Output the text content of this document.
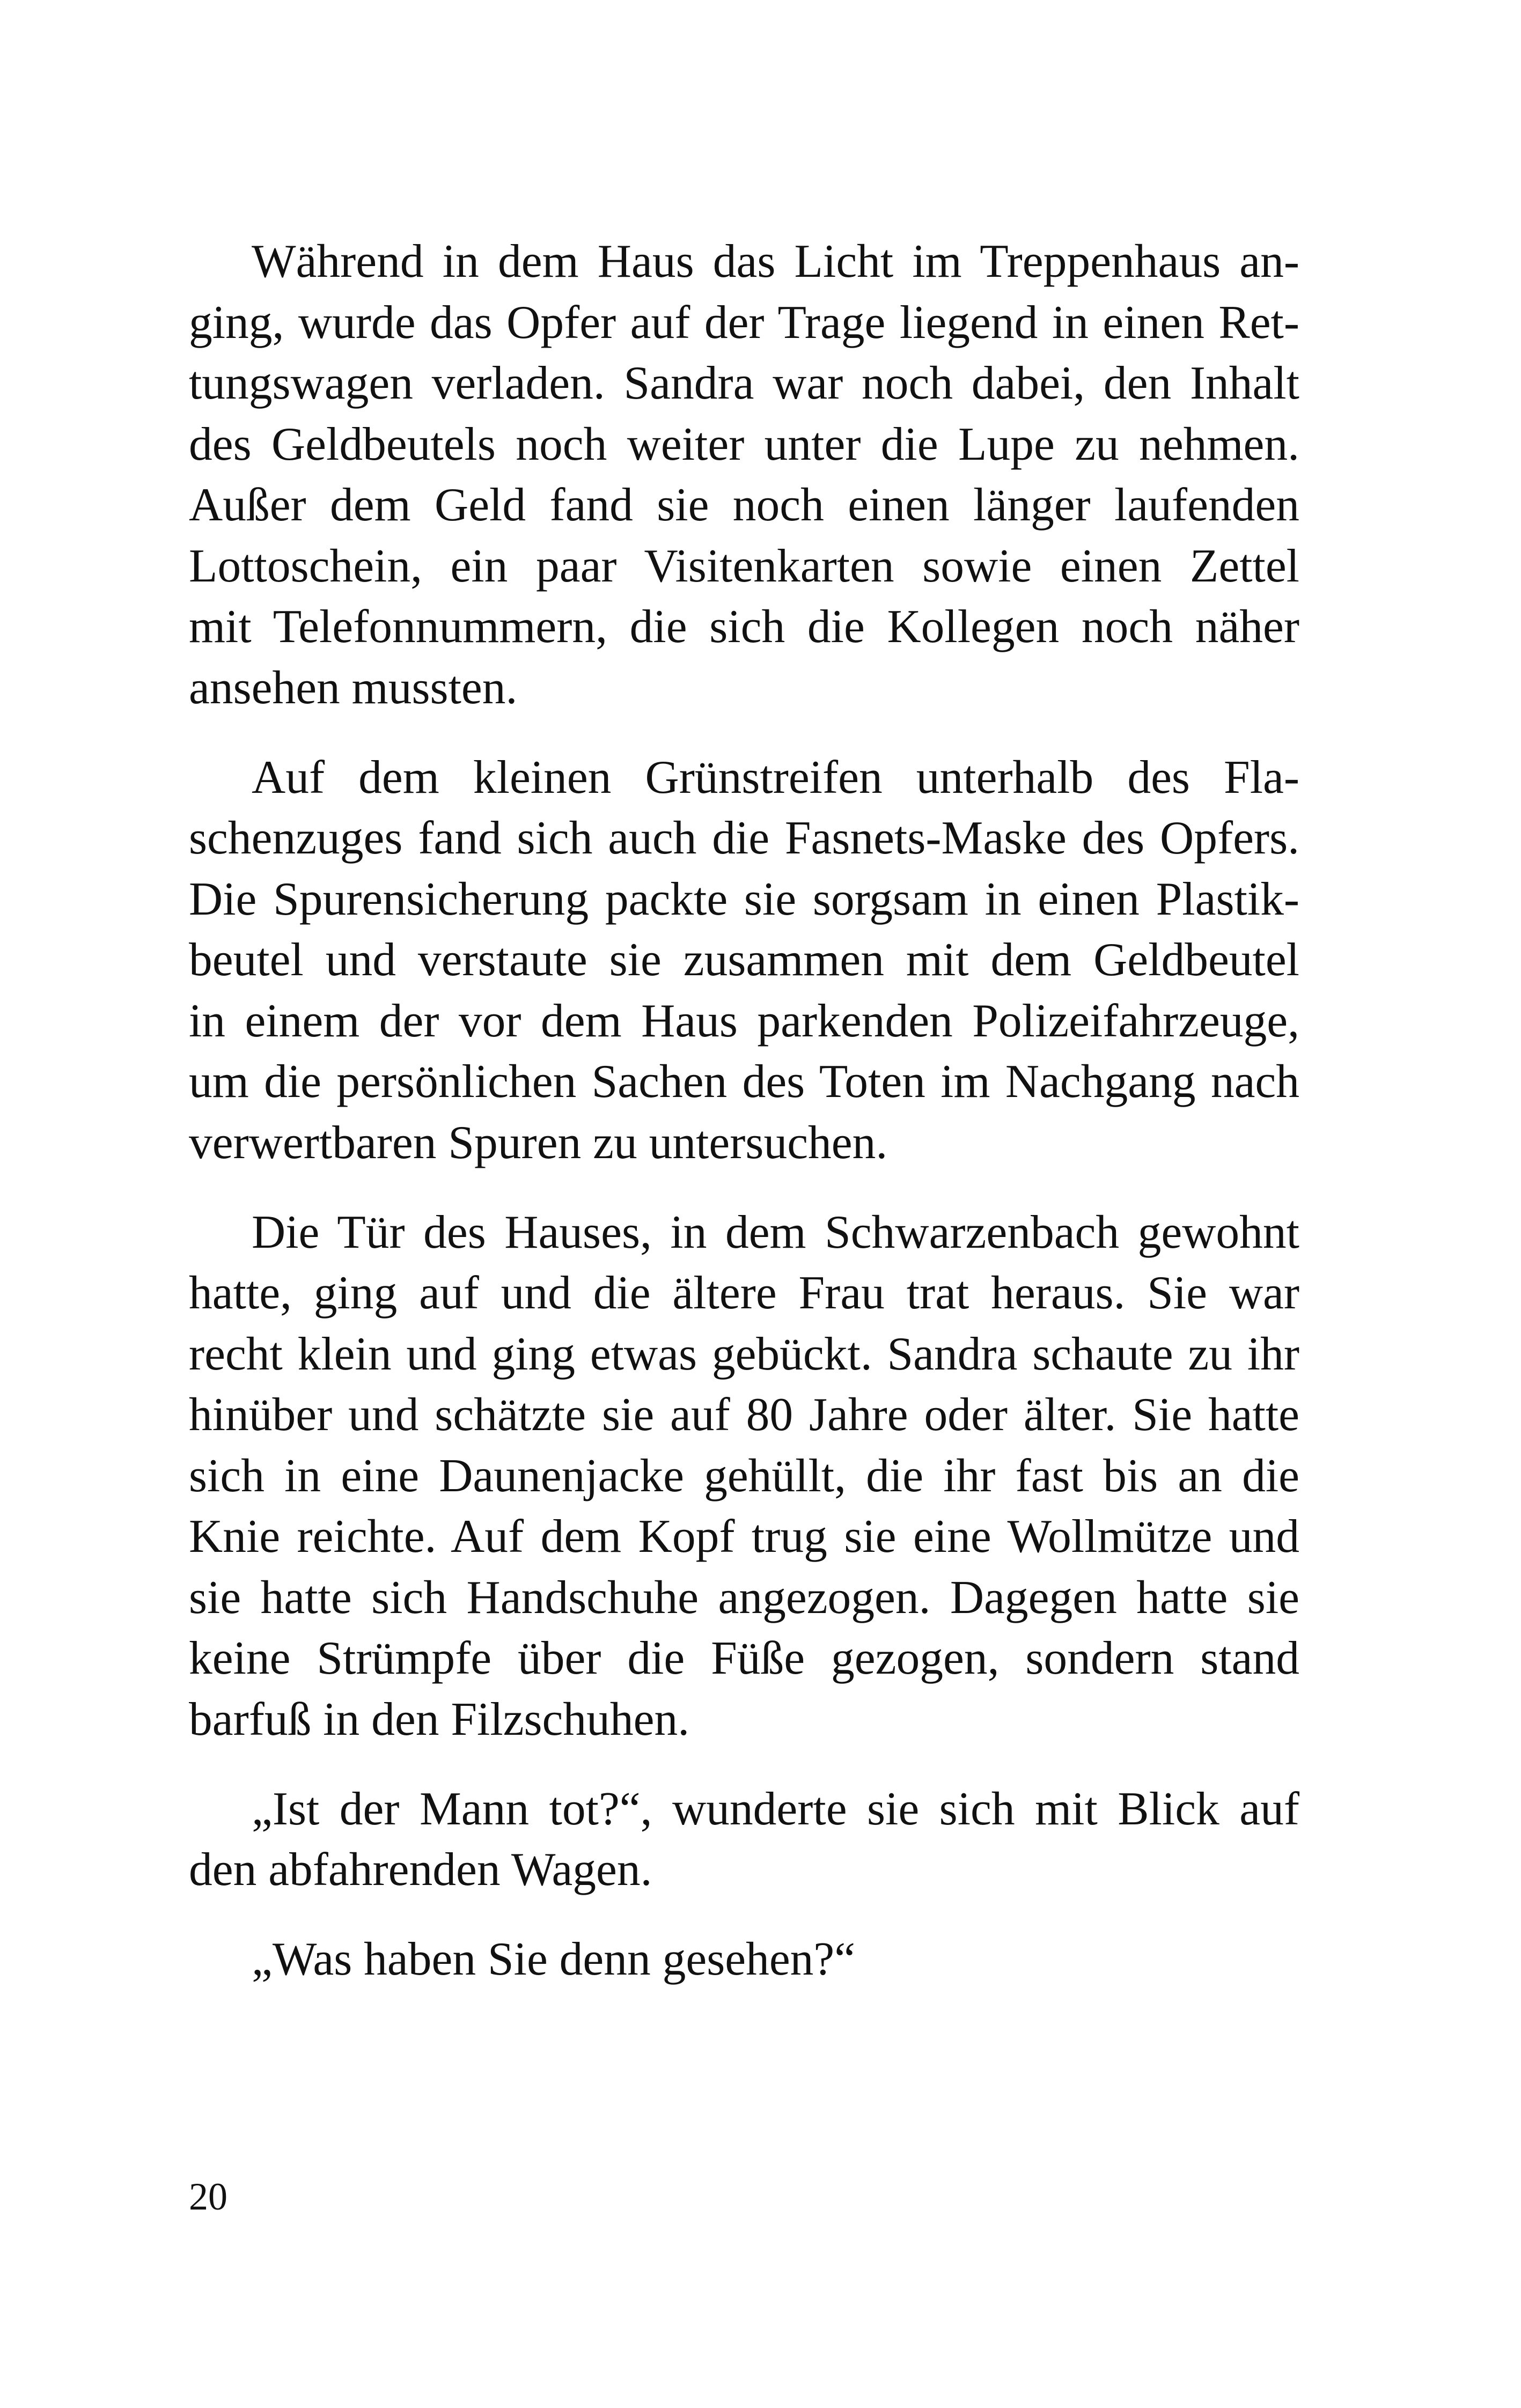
Während in dem Haus das Licht im Treppenhaus an-
ging, wurde das Opfer auf der Trage liegend in einen Ret-
tungswagen verladen. Sandra war noch dabei, den Inhalt
des Geldbeutels noch weiter unter die Lupe zu nehmen.
Außer dem Geld fand sie noch einen länger laufenden
Lottoschein, ein paar Visitenkarten sowie einen Zettel
mit Telefonnummern, die sich die Kollegen noch näher
ansehen mussten.

Auf dem kleinen Grünstreifen unterhalb des Fla-
schenzuges fand sich auch die Fasnets-Maske des Opfers.
Die Spurensicherung packte sie sorgsam in einen Plastik-
beutel und verstaute sie zusammen mit dem Geldbeutel
in einem der vor dem Haus parkenden Polizeifahrzeuge,
um die persönlichen Sachen des Toten im Nachgang nach
verwertbaren Spuren zu untersuchen.

Die Tür des Hauses, in dem Schwarzenbach gewohnt
hatte, ging auf und die ältere Frau trat heraus. Sie war
recht klein und ging etwas gebückt. Sandra schaute zu ihr
hinüber und schätzte sie auf 80 Jahre oder älter. Sie hatte
sich in eine Daunenjacke gehüllt, die ihr fast bis an die
Knie reichte. Auf dem Kopf trug sie eine Wollmütze und
sie hatte sich Handschuhe angezogen. Dagegen hatte sie
keine Strümpfe über die Füße gezogen, sondern stand
barfuß in den Filzschuhen.

„Ist der Mann tot?“, wunderte sie sich mit Blick auf
den abfahrenden Wagen.

„Was haben Sie denn gesehen?“

20
